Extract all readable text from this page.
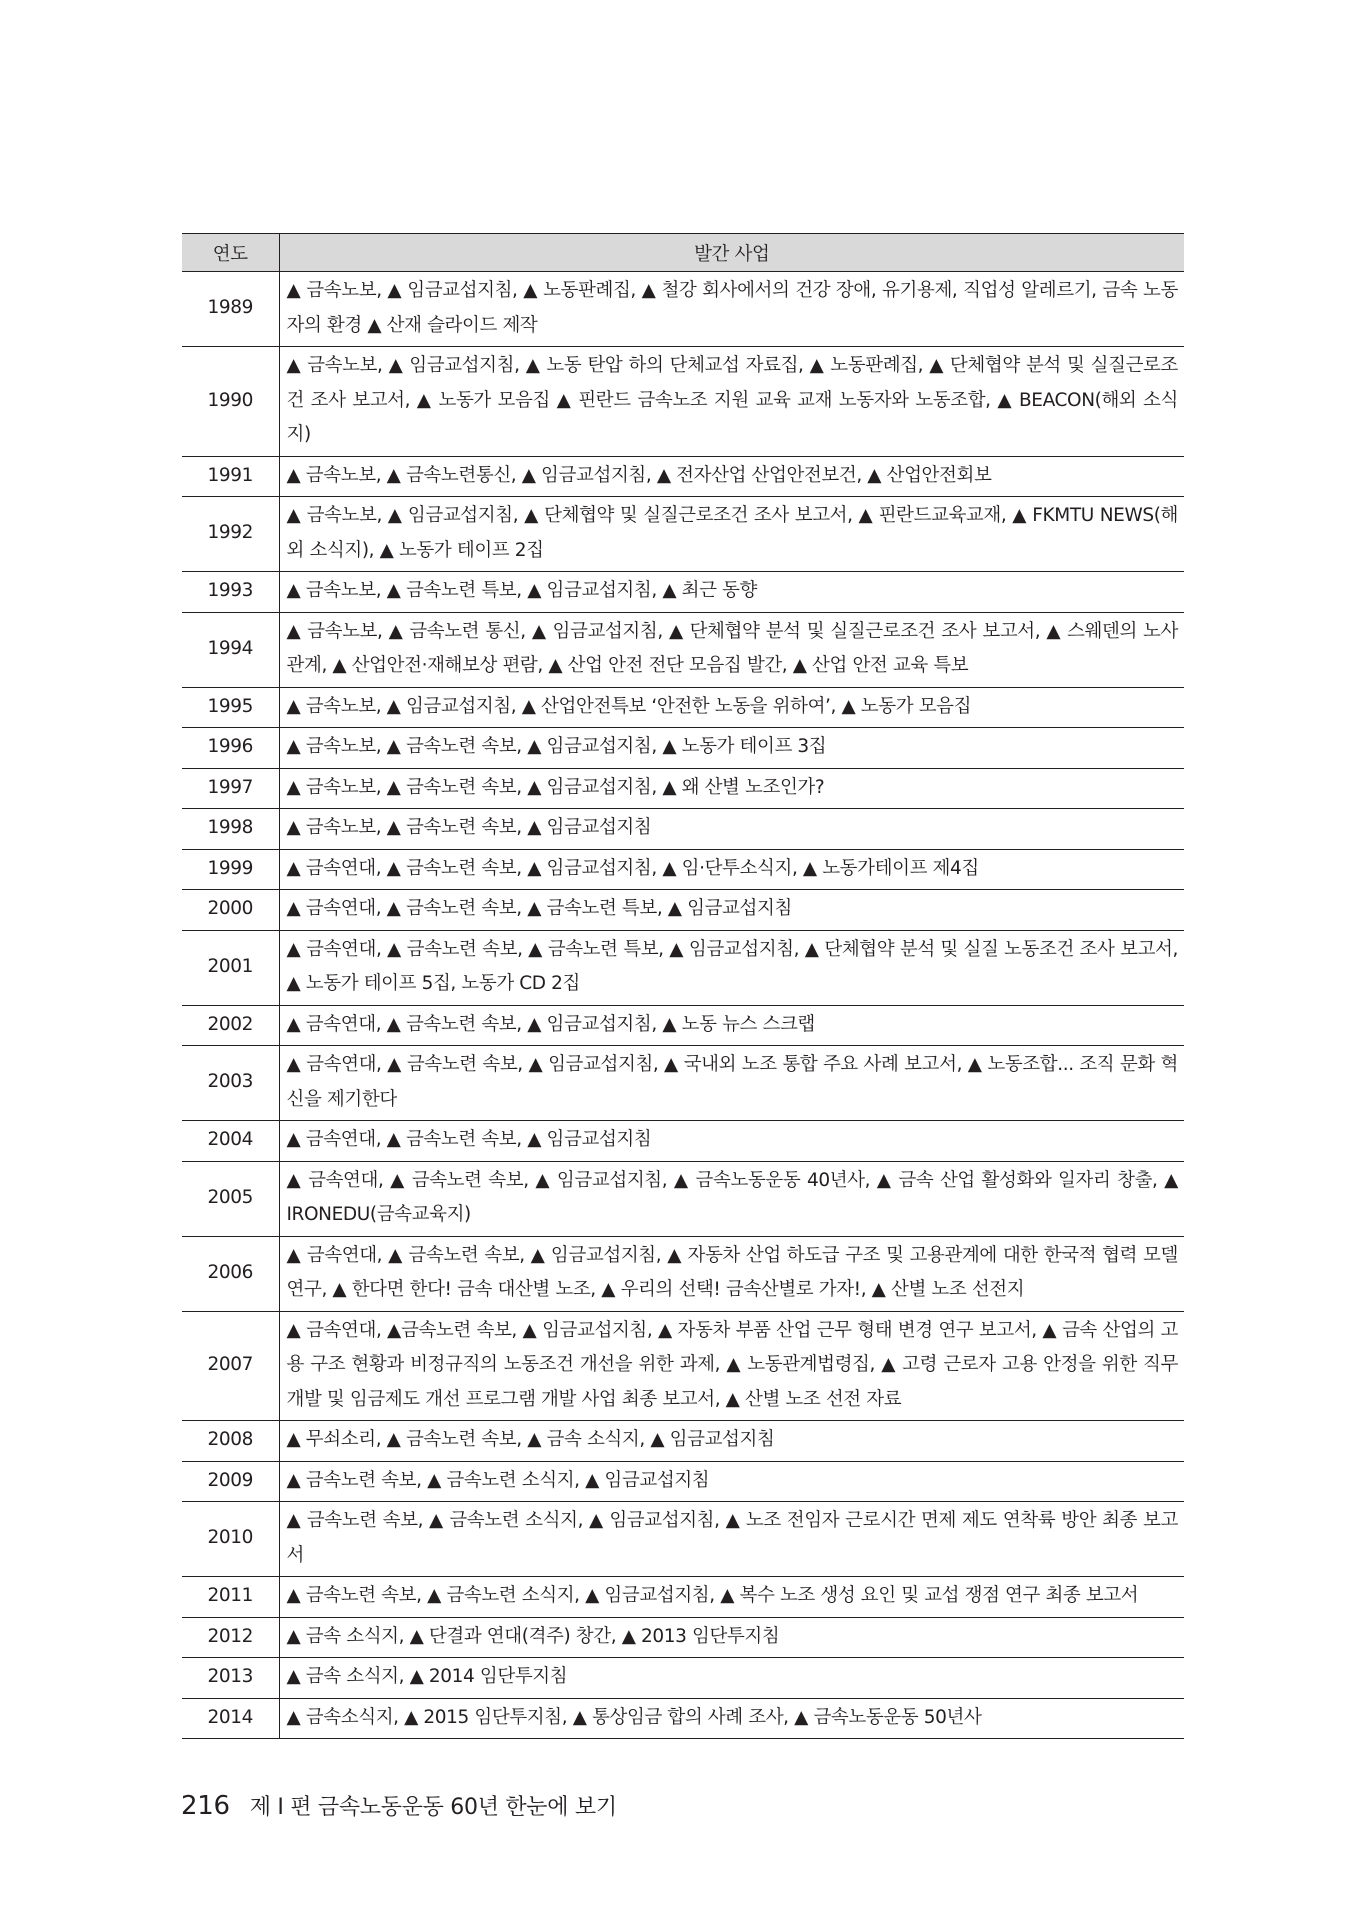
연도	발간 사업
1989	▲ 금속노보, ▲ 임금교섭지침, ▲ 노동판례집, ▲ 철강 회사에서의 건강 장애, 유기용제, 직업성 알레르기, 금속 노동자의 환경 ▲ 산재 슬라이드 제작
1990	▲ 금속노보, ▲ 임금교섭지침, ▲ 노동 탄압 하의 단체교섭 자료집, ▲ 노동판례집, ▲ 단체협약 분석 및 실질근로조건 조사 보고서, ▲ 노동가 모음집 ▲ 핀란드 금속노조 지원 교육 교재 노동자와 노동조합, ▲ BEACON(해외 소식지)
1991	▲ 금속노보, ▲ 금속노련통신, ▲ 임금교섭지침, ▲ 전자산업 산업안전보건, ▲ 산업안전회보
1992	▲ 금속노보, ▲ 임금교섭지침, ▲ 단체협약 및 실질근로조건 조사 보고서, ▲ 핀란드교육교재, ▲ FKMTU NEWS(해외 소식지), ▲ 노동가 테이프 2집
1993	▲ 금속노보, ▲ 금속노련 특보, ▲ 임금교섭지침, ▲ 최근 동향
1994	▲ 금속노보, ▲ 금속노련 통신, ▲ 임금교섭지침, ▲ 단체협약 분석 및 실질근로조건 조사 보고서, ▲ 스웨덴의 노사관계, ▲ 산업안전·재해보상 편람, ▲ 산업 안전 전단 모음집 발간, ▲ 산업 안전 교육 특보
1995	▲ 금속노보, ▲ 임금교섭지침, ▲ 산업안전특보 ‘안전한 노동을 위하여’, ▲ 노동가 모음집
1996	▲ 금속노보, ▲ 금속노련 속보, ▲ 임금교섭지침, ▲ 노동가 테이프 3집
1997	▲ 금속노보, ▲ 금속노련 속보, ▲ 임금교섭지침, ▲ 왜 산별 노조인가?
1998	▲ 금속노보, ▲ 금속노련 속보, ▲ 임금교섭지침
1999	▲ 금속연대, ▲ 금속노련 속보, ▲ 임금교섭지침, ▲ 임·단투소식지, ▲ 노동가테이프 제4집
2000	▲ 금속연대, ▲ 금속노련 속보, ▲ 금속노련 특보, ▲ 임금교섭지침
2001	▲ 금속연대, ▲ 금속노련 속보, ▲ 금속노련 특보, ▲ 임금교섭지침, ▲ 단체협약 분석 및 실질 노동조건 조사 보고서, ▲ 노동가 테이프 5집, 노동가 CD 2집
2002	▲ 금속연대, ▲ 금속노련 속보, ▲ 임금교섭지침, ▲ 노동 뉴스 스크랩
2003	▲ 금속연대, ▲ 금속노련 속보, ▲ 임금교섭지침, ▲ 국내외 노조 통합 주요 사례 보고서, ▲ 노동조합... 조직 문화 혁신을 제기한다
2004	▲ 금속연대, ▲ 금속노련 속보, ▲ 임금교섭지침
2005	▲ 금속연대, ▲ 금속노련 속보, ▲ 임금교섭지침, ▲ 금속노동운동 40년사, ▲ 금속 산업 활성화와 일자리 창출, ▲ IRONEDU(금속교육지)
2006	▲ 금속연대, ▲ 금속노련 속보, ▲ 임금교섭지침, ▲ 자동차 산업 하도급 구조 및 고용관계에 대한 한국적 협력 모델 연구, ▲ 한다면 한다! 금속 대산별 노조, ▲ 우리의 선택! 금속산별로 가자!, ▲ 산별 노조 선전지
2007	▲ 금속연대, ▲금속노련 속보, ▲ 임금교섭지침, ▲ 자동차 부품 산업 근무 형태 변경 연구 보고서, ▲ 금속 산업의 고용 구조 현황과 비정규직의 노동조건 개선을 위한 과제, ▲ 노동관계법령집, ▲ 고령 근로자 고용 안정을 위한 직무 개발 및 임금제도 개선 프로그램 개발 사업 최종 보고서, ▲ 산별 노조 선전 자료
2008	▲ 무쇠소리, ▲ 금속노련 속보, ▲ 금속 소식지, ▲ 임금교섭지침
2009	▲ 금속노련 속보, ▲ 금속노련 소식지, ▲ 임금교섭지침
2010	▲ 금속노련 속보, ▲ 금속노련 소식지, ▲ 임금교섭지침, ▲ 노조 전임자 근로시간 면제 제도 연착륙 방안 최종 보고서
2011	▲ 금속노련 속보, ▲ 금속노련 소식지, ▲ 임금교섭지침, ▲ 복수 노조 생성 요인 및 교섭 쟁점 연구 최종 보고서
2012	▲ 금속 소식지, ▲ 단결과 연대(격주) 창간, ▲ 2013 임단투지침
2013	▲ 금속 소식지, ▲ 2014 임단투지침
2014	▲ 금속소식지, ▲ 2015 임단투지침, ▲ 통상임금 합의 사례 조사, ▲ 금속노동운동 50년사
216 제 I 편 금속노동운동 60년 한눈에 보기
